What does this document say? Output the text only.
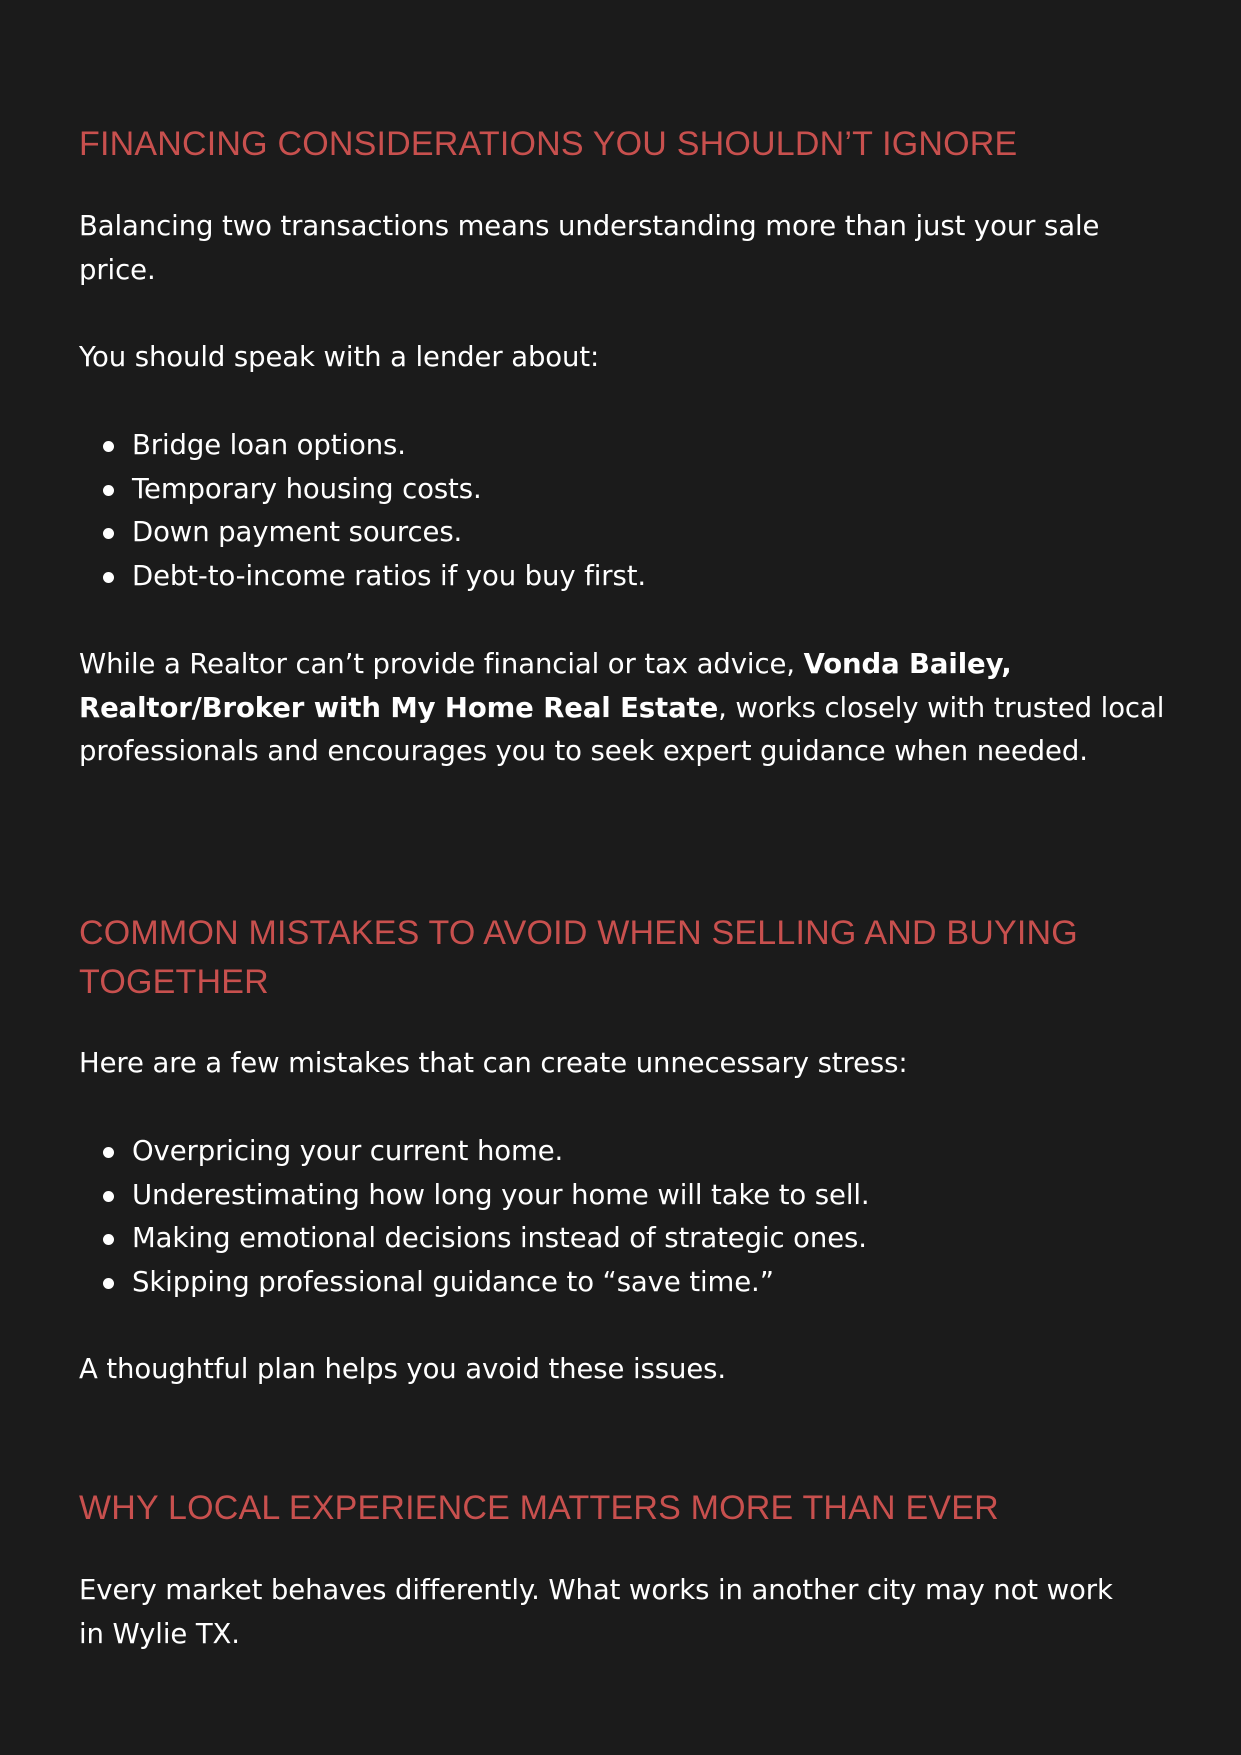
FINANCING CONSIDERATIONS YOU SHOULDN’T IGNORE

Balancing two transactions means understanding more than just your sale price.

You should speak with a lender about:

Bridge loan options.
Temporary housing costs.
Down payment sources.
Debt-to-income ratios if you buy first.

While a Realtor can’t provide financial or tax advice, Vonda Bailey, Realtor/Broker with My Home Real Estate, works closely with trusted local professionals and encourages you to seek expert guidance when needed.

COMMON MISTAKES TO AVOID WHEN SELLING AND BUYING TOGETHER

Here are a few mistakes that can create unnecessary stress:

Overpricing your current home.
Underestimating how long your home will take to sell.
Making emotional decisions instead of strategic ones.
Skipping professional guidance to “save time.”

A thoughtful plan helps you avoid these issues.

WHY LOCAL EXPERIENCE MATTERS MORE THAN EVER

Every market behaves differently. What works in another city may not work in Wylie TX.
